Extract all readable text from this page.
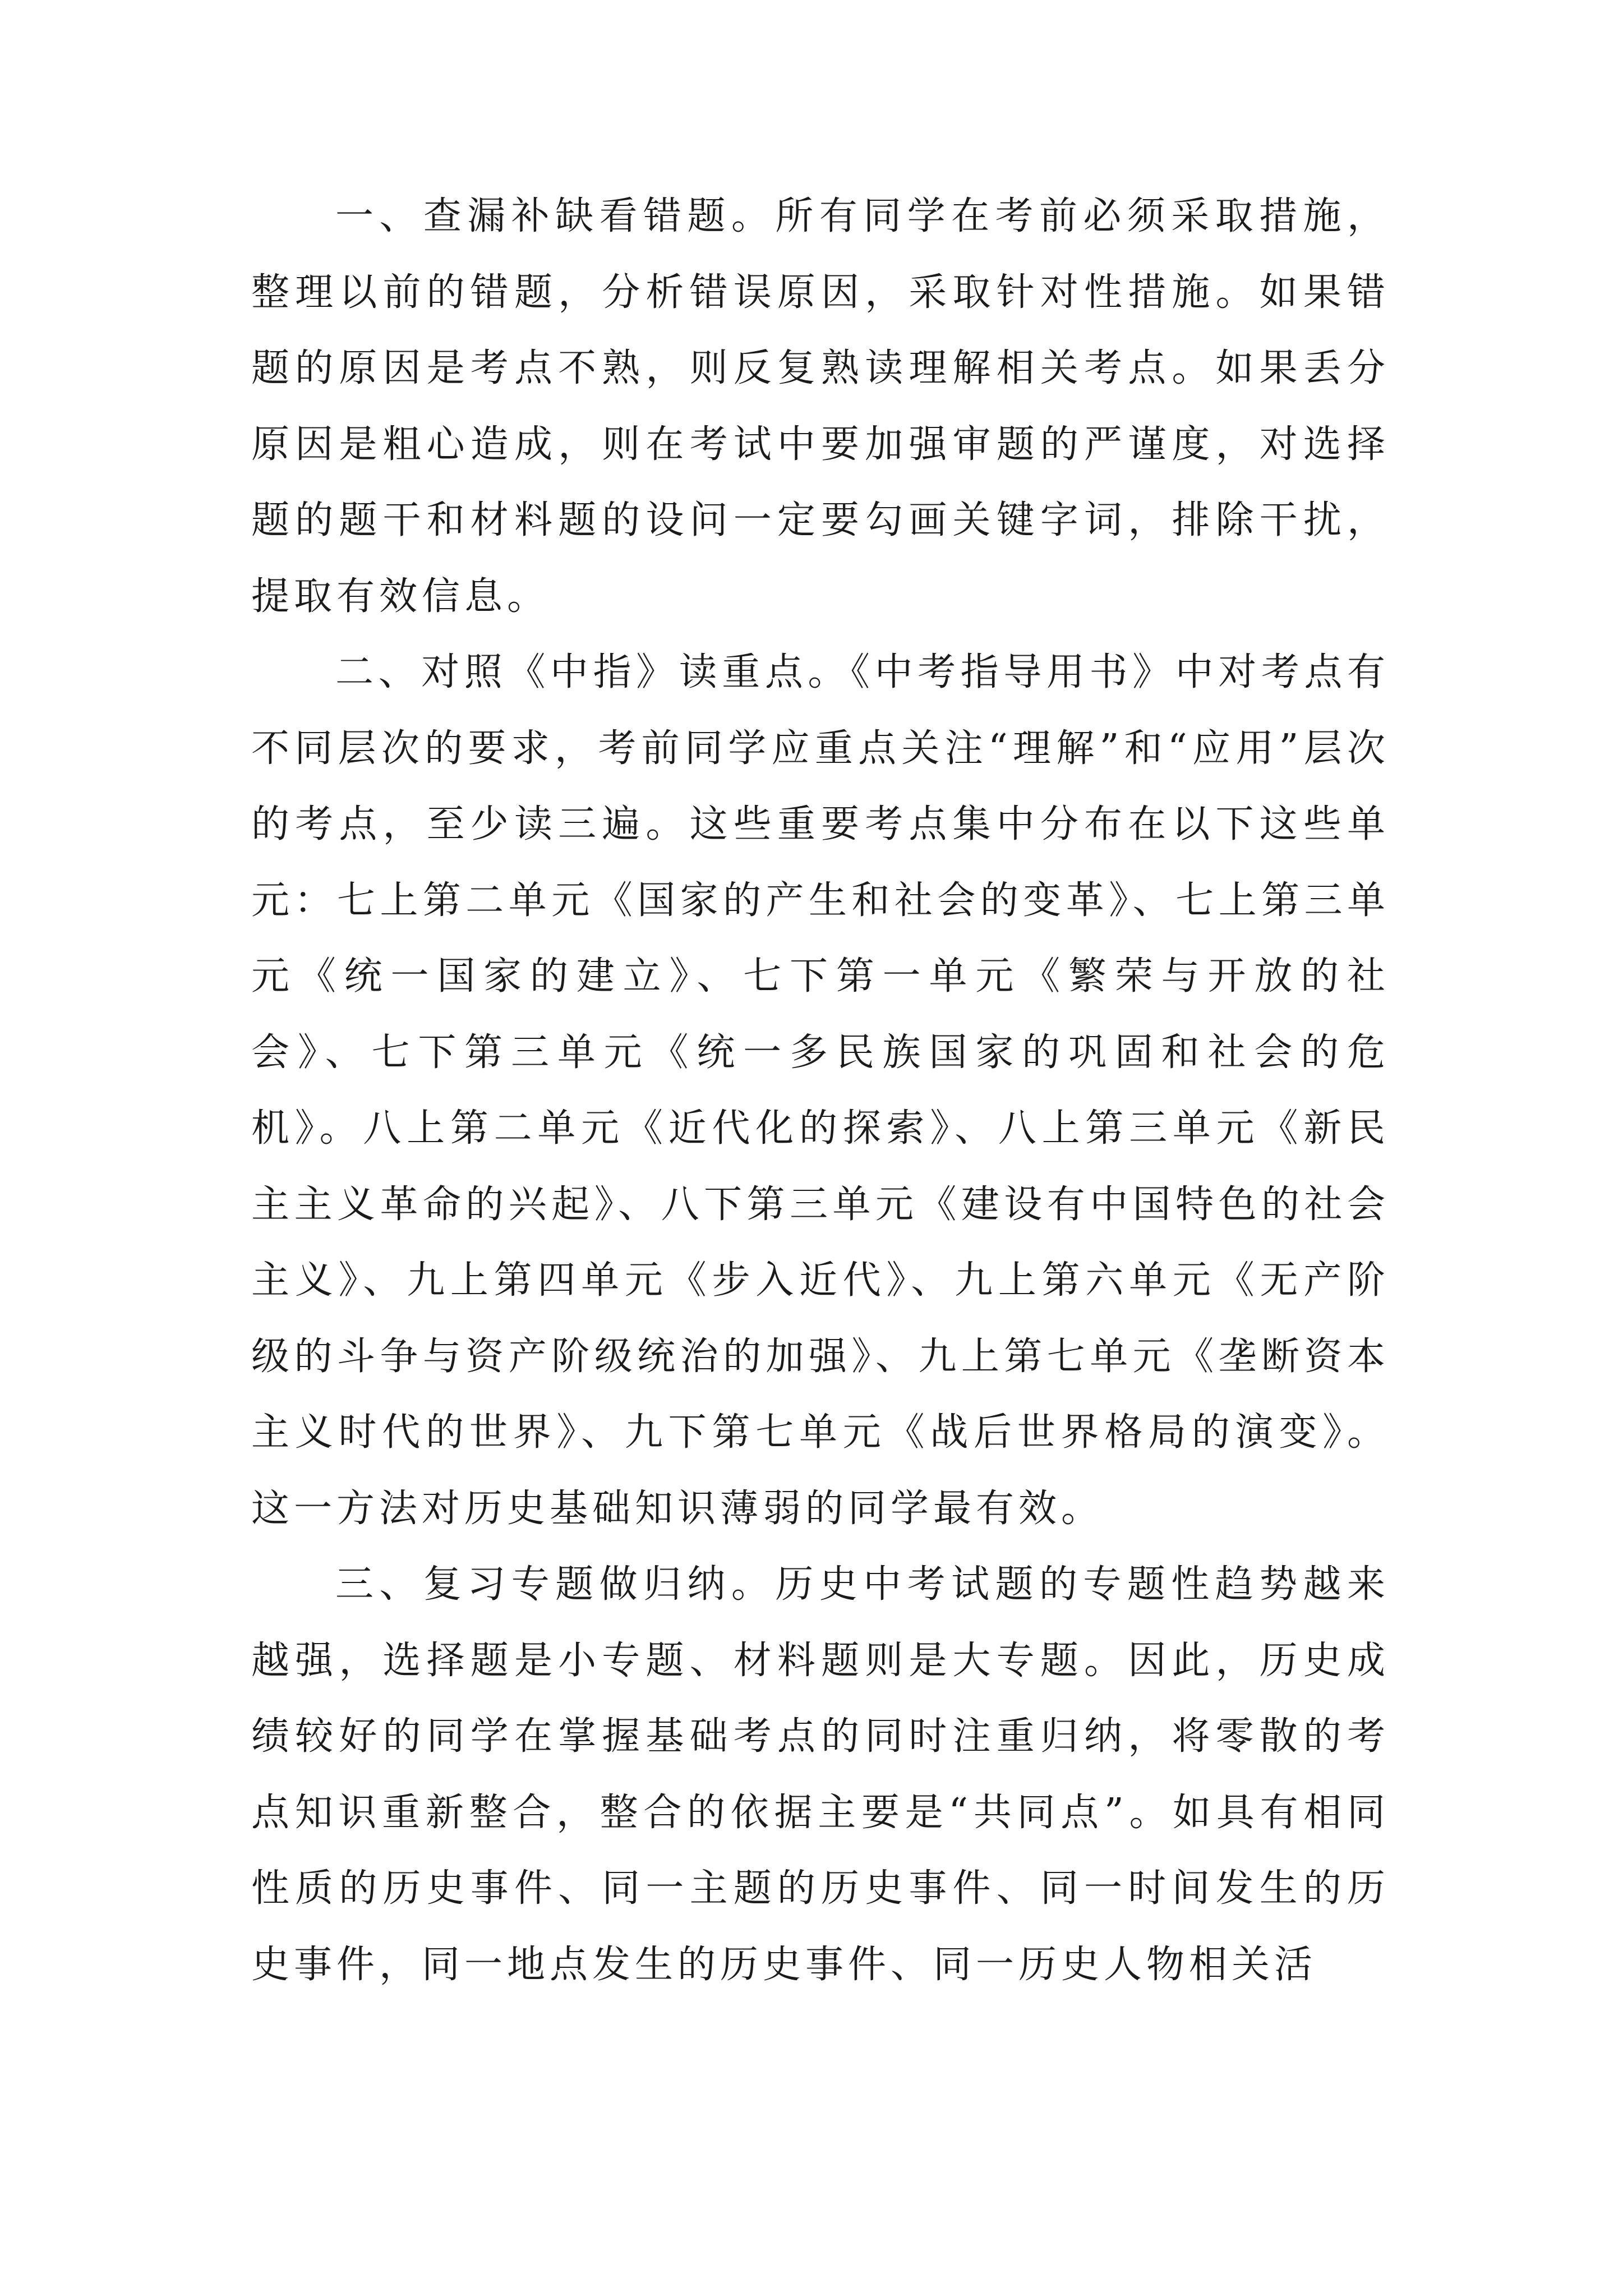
一、查漏补缺看错题。所有同学在考前必须采取措施，整理以前的错题，分析错误原因，采取针对性措施。如果错题的原因是考点不熟，则反复熟读理解相关考点。如果丢分原因是粗心造成，则在考试中要加强审题的严谨度，对选择题的题干和材料题的设问一定要勾画关键字词，排除干扰，提取有效信息。

二、对照《中指》读重点。《中考指导用书》中对考点有不同层次的要求，考前同学应重点关注“理解”和“应用”层次的考点，至少读三遍。这些重要考点集中分布在以下这些单元：七上第二单元《国家的产生和社会的变革》、七上第三单元《统一国家的建立》、七下第一单元《繁荣与开放的社会》、七下第三单元《统一多民族国家的巩固和社会的危机》。八上第二单元《近代化的探索》、八上第三单元《新民主主义革命的兴起》、八下第三单元《建设有中国特色的社会主义》、九上第四单元《步入近代》、九上第六单元《无产阶级的斗争与资产阶级统治的加强》、九上第七单元《垄断资本主义时代的世界》、九下第七单元《战后世界格局的演变》。这一方法对历史基础知识薄弱的同学最有效。

三、复习专题做归纳。历史中考试题的专题性趋势越来越强，选择题是小专题、材料题则是大专题。因此，历史成绩较好的同学在掌握基础考点的同时注重归纳，将零散的考点知识重新整合，整合的依据主要是“共同点”。如具有相同性质的历史事件、同一主题的历史事件、同一时间发生的历史事件，同一地点发生的历史事件、同一历史人物相关活
